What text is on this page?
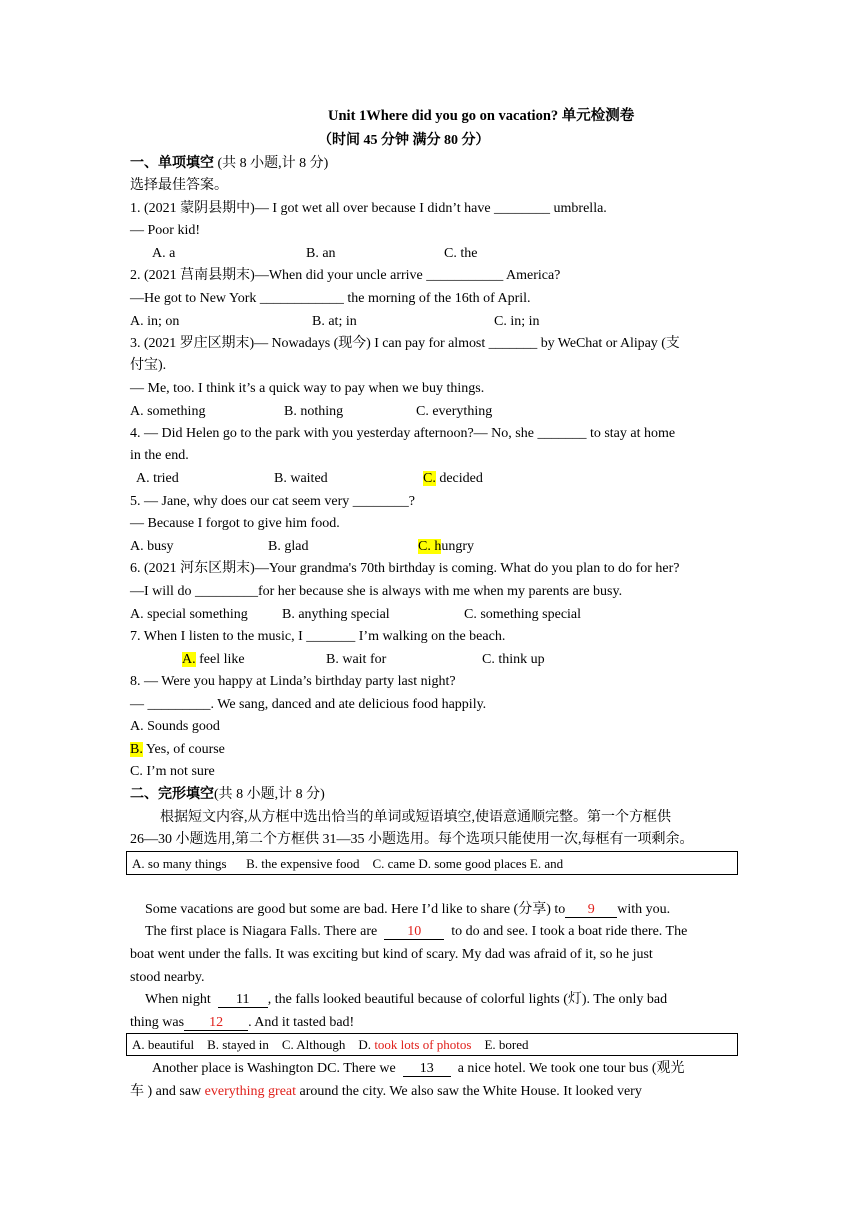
Unit 1Where did you go on vacation? 单元检测卷
（时间 45 分钟 满分 80 分）
一、单项填空 (共 8 小题,计 8 分)
选择最佳答案。
1. (2021 蒙阴县期中)— I got wet all over because I didn’t have ________ umbrella.
— Poor kid!
A. a	B. an	C. the
2. (2021 莒南县期末)—When did your uncle arrive ___________ America?
—He got to New York ____________ the morning of the 16th of April.
A. in; on	B. at; in	C. in; in
3. (2021 罗庄区期末)— Nowadays (现今) I can pay for almost _______ by WeChat or Alipay (支
付宝).
— Me, too. I think it’s a quick way to pay when we buy things.
A. something	B. nothing	C. everything
4. — Did Helen go to the park with you yesterday afternoon?— No, she _______ to stay at home
in the end.
A. tried	B. waited	C. decided
5. — Jane, why does our cat seem very ________?
— Because I forgot to give him food.
A. busy	B. glad	C. hungry
6. (2021 河东区期末)—Your grandma's 70th birthday is coming. What do you plan to do for her?
—I will do _________for her because she is always with me when my parents are busy.
A. special something B. anything special	C. something special
7. When I listen to the music, I _______ I’m walking on the beach.
A. feel like	B. wait for	C. think up
8. — Were you happy at Linda’s birthday party last night?
— _________. We sang, danced and ate delicious food happily.
A. Sounds good
B. Yes, of course
C. I’m not sure
二、完形填空(共 8 小题,计 8 分)
根据短文内容,从方框中选出恰当的单词或短语填空,使语意通顺完整。第一个方框供
26—30 小题选用,第二个方框供 31—35 小题选用。每个选项只能使用一次,每框有一项剩余。
A. so many things      B. the expensive food    C. came D. some good places E. and
Some vacations are good but some are bad. Here I’d like to share (分享) to 9 with you.
The first place is Niagara Falls. There are  10  to do and see. I took a boat ride there. The
boat went under the falls. It was exciting but kind of scary. My dad was afraid of it, so he just
stood nearby.
When night  11 , the falls looked beautiful because of colorful lights (灯). The only bad
thing was 12 . And it tasted bad!
A. beautiful B. stayed in C. Although D. took lots of photos E. bored
Another place is Washington DC. There we  13  a nice hotel. We took one tour bus (观光
车 ) and saw everything great around the city. We also saw the White House. It looked very
